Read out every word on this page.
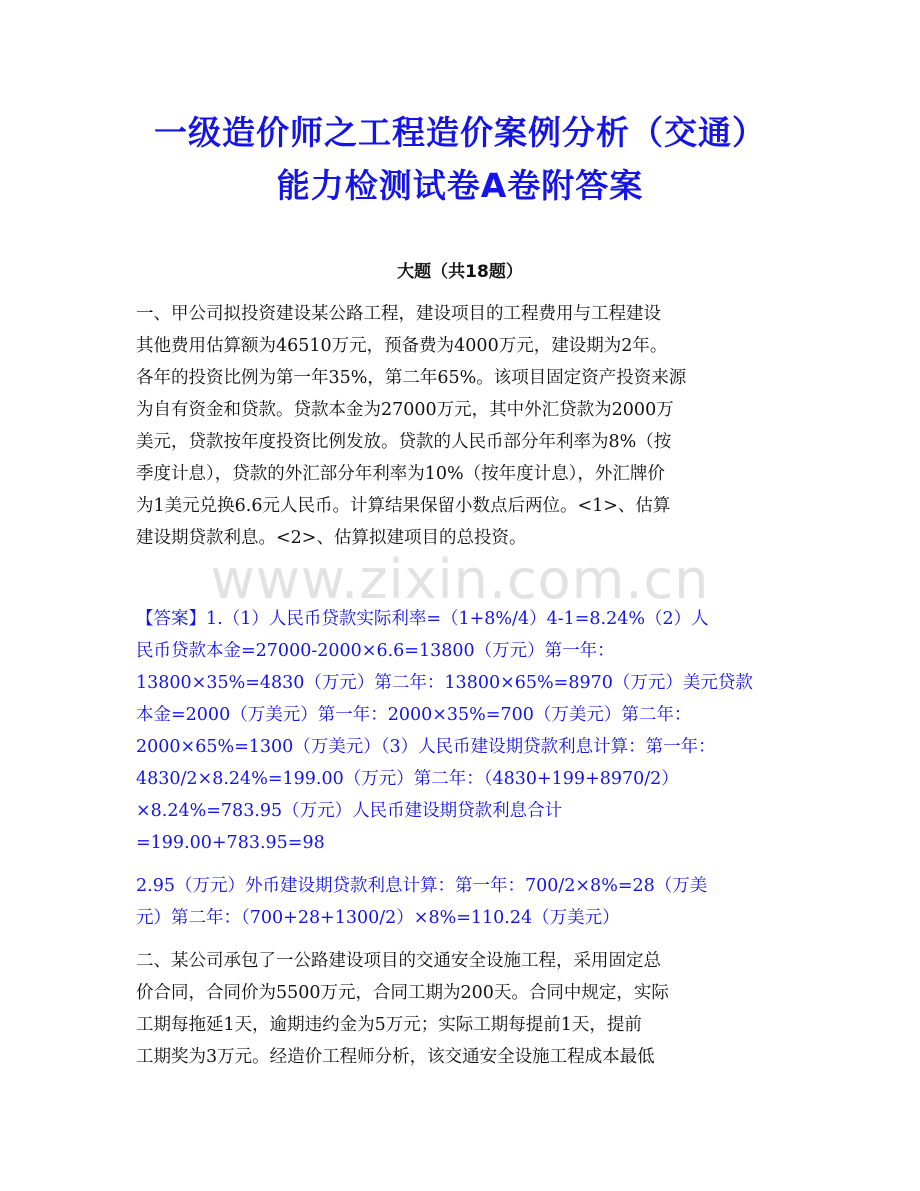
一级造价师之工程造价案例分析（交通）
能力检测试卷A卷附答案
大题（共18题）

一、甲公司拟投资建设某公路工程，建设项目的工程费用与工程建设
其他费用估算额为46510万元，预备费为4000万元，建设期为2年。
各年的投资比例为第一年35%，第二年65%。该项目固定资产投资来源
为自有资金和贷款。贷款本金为27000万元，其中外汇贷款为2000万
美元，贷款按年度投资比例发放。贷款的人民币部分年利率为8%（按
季度计息），贷款的外汇部分年利率为10%（按年度计息），外汇牌价
为1美元兑换6.6元人民币。计算结果保留小数点后两位。<1>、估算
建设期贷款利息。<2>、估算拟建项目的总投资。

www.zixin.com.cn

【答案】1.（1）人民币贷款实际利率=（1+8%/4）4-1=8.24%（2）人
民币贷款本金=27000-2000×6.6=13800（万元）第一年：
13800×35%=4830（万元）第二年：13800×65%=8970（万元）美元贷款
本金=2000（万美元）第一年：2000×35%=700（万美元）第二年：
2000×65%=1300（万美元）（3）人民币建设期贷款利息计算：第一年：
4830/2×8.24%=199.00（万元）第二年：（4830+199+8970/2）
×8.24%=783.95（万元）人民币建设期贷款利息合计
=199.00+783.95=98

2.95（万元）外币建设期贷款利息计算：第一年：700/2×8%=28（万美
元）第二年：（700+28+1300/2）×8%=110.24（万美元）

二、某公司承包了一公路建设项目的交通安全设施工程，采用固定总
价合同，合同价为5500万元，合同工期为200天。合同中规定，实际
工期每拖延1天，逾期违约金为5万元；实际工期每提前1天，提前
工期奖为3万元。经造价工程师分析，该交通安全设施工程成本最低
